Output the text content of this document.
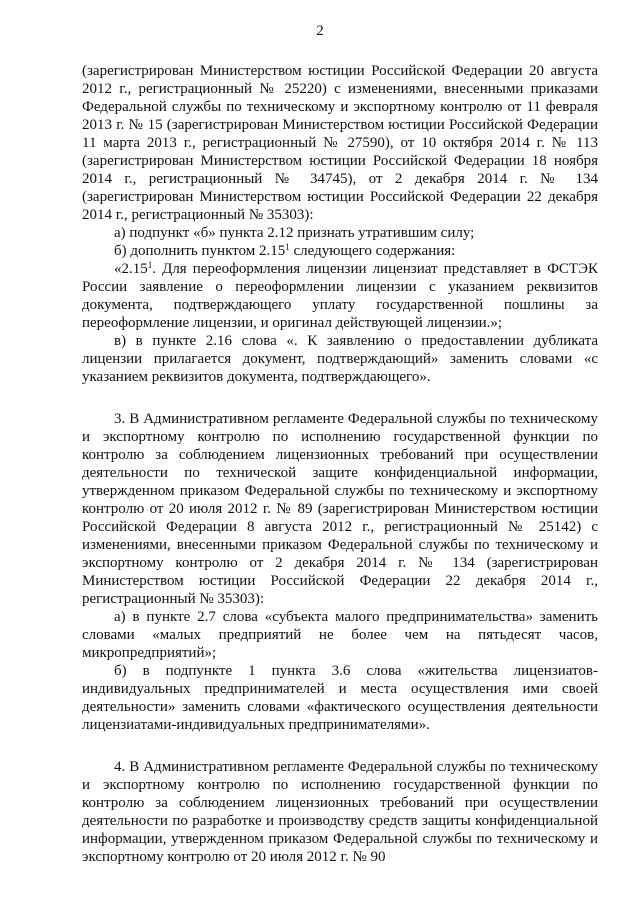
2

(зарегистрирован Министерством юстиции Российской Федерации 20 августа 2012 г., регистрационный № 25220) с изменениями, внесенными приказами Федеральной службы по техническому и экспортному контролю от 11 февраля 2013 г. № 15 (зарегистрирован Министерством юстиции Российской Федерации 11 марта 2013 г., регистрационный № 27590), от 10 октября 2014 г. № 113 (зарегистрирован Министерством юстиции Российской Федерации 18 ноября 2014 г., регистрационный № 34745), от 2 декабря 2014 г. № 134 (зарегистрирован Министерством юстиции Российской Федерации 22 декабря 2014 г., регистрационный № 35303):

а) подпункт «б» пункта 2.12 признать утратившим силу;

б) дополнить пунктом 2.15$^1$ следующего содержания:

«2.15$^1$. Для переоформления лицензии лицензиат представляет в ФСТЭК России заявление о переоформлении лицензии с указанием реквизитов документа, подтверждающего уплату государственной пошлины за переоформление лицензии, и оригинал действующей лицензии.»;

в) в пункте 2.16 слова «. К заявлению о предоставлении дубликата лицензии прилагается документ, подтверждающий» заменить словами «с указанием реквизитов документа, подтверждающего».

3. В Административном регламенте Федеральной службы по техническому и экспортному контролю по исполнению государственной функции по контролю за соблюдением лицензионных требований при осуществлении деятельности по технической защите конфиденциальной информации, утвержденном приказом Федеральной службы по техническому и экспортному контролю от 20 июля 2012 г. № 89 (зарегистрирован Министерством юстиции Российской Федерации 8 августа 2012 г., регистрационный № 25142) с изменениями, внесенными приказом Федеральной службы по техническому и экспортному контролю от 2 декабря 2014 г. № 134 (зарегистрирован Министерством юстиции Российской Федерации 22 декабря 2014 г., регистрационный № 35303):

а) в пункте 2.7 слова «субъекта малого предпринимательства» заменить словами «малых предприятий не более чем на пятьдесят часов, микропредприятий»;

б) в подпункте 1 пункта 3.6 слова «жительства лицензиатов-индивидуальных предпринимателей и места осуществления ими своей деятельности» заменить словами «фактического осуществления деятельности лицензиатами-индивидуальных предпринимателями».

4. В Административном регламенте Федеральной службы по техническому и экспортному контролю по исполнению государственной функции по контролю за соблюдением лицензионных требований при осуществлении деятельности по разработке и производству средств защиты конфиденциальной информации, утвержденном приказом Федеральной службы по техническому и экспортному контролю от 20 июля 2012 г. № 90
